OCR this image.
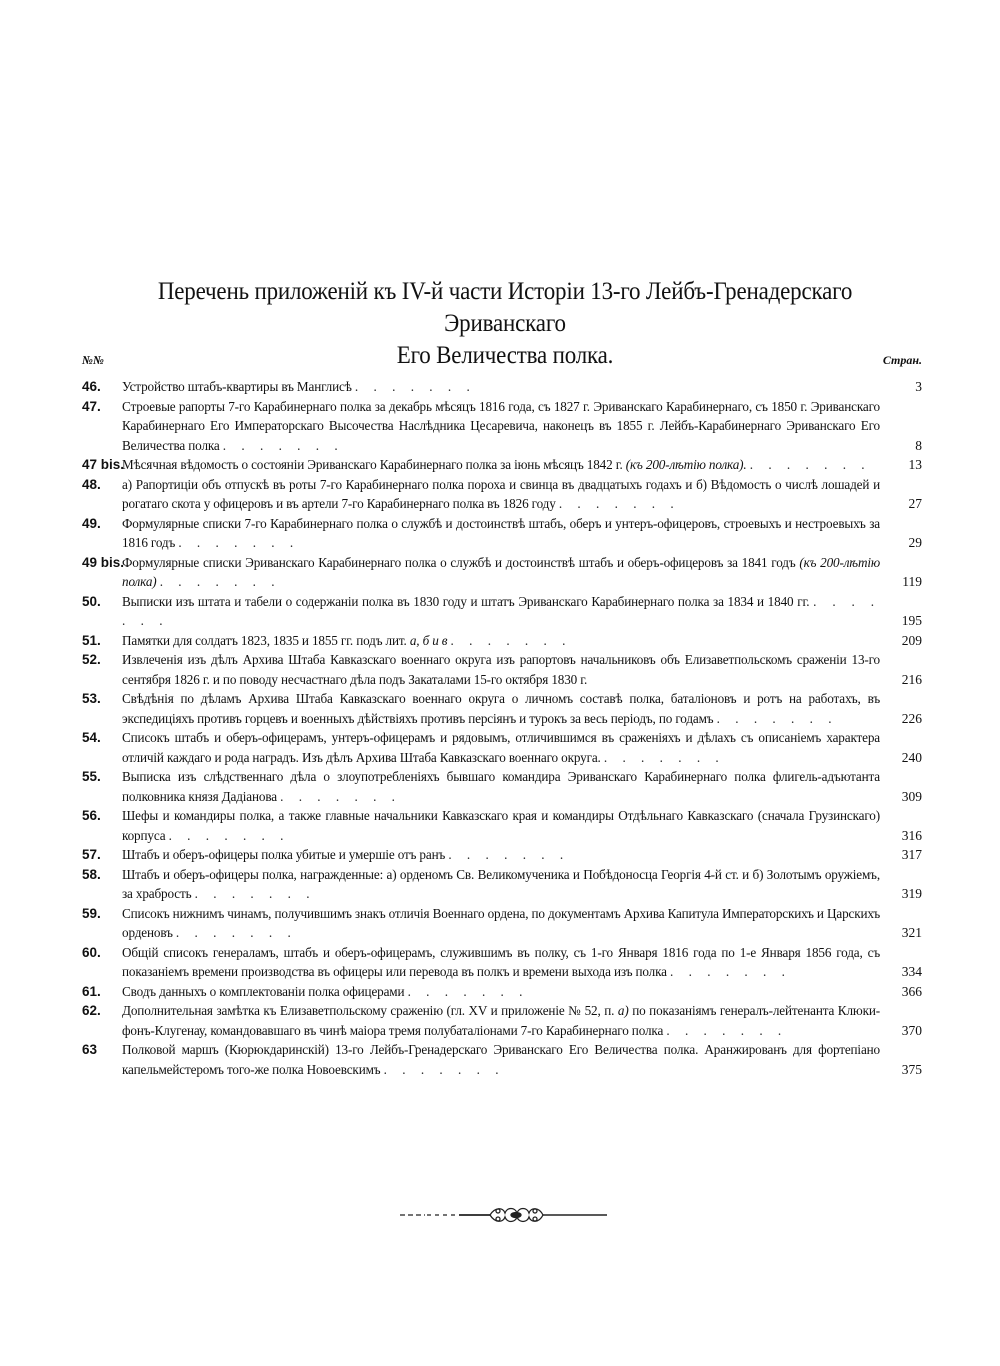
Перечень приложеній къ IV-й части Исторіи 13-го Лейбъ-Гренадерскаго Эриванскаго
Его Величества полка.
№№	Стран.
46. Устройство штабъ-квартиры въ Манглисѣ . . . . . . .	3
47. Строевые рапорты 7-го Карабинернаго полка за декабрь мѣсяцъ 1816 года, съ 1827 г. Эриванскаго Карабинернаго, съ 1850 г. Эриванскаго Карабинернаго Его Императорскаго Высочества Наслѣдника Цесаревича, наконецъ въ 1855 г. Лейбъ-Карабинернаго Эриванскаго Его Величества полка . . . . . . .	8
47 bis.
Мѣсячная вѣдомость о состояніи Эриванскаго Карабинернаго полка за іюнь мѣсяцъ 1842 г. (къ 200-лѣтію полка). . . . . . . .	13
48. а) Рапортиціи объ отпускѣ въ роты 7-го Карабинернаго полка пороха и свинца въ двадцатыхъ годахъ и б) Вѣдомость о числѣ лошадей и рогатаго скота у офицеровъ и въ артели 7-го Карабинернаго полка въ 1826 году . . . . . . .	27
49. Формулярные списки 7-го Карабинернаго полка о службѣ и достоинствѣ штабъ, оберъ и унтеръ-офицеровъ, строевыхъ и нестроевыхъ за 1816 годъ . . . . . . .	29
49 bis.
Формулярные списки Эриванскаго Карабинернаго полка о службѣ и достоинствѣ штабъ и оберъ-офицеровъ за 1841 годъ (къ 200-лѣтію полка) . . . . . . .	119
50. Выписки изъ штата и табели о содержаніи полка въ 1830 году и штатъ Эриванскаго Карабинернаго полка за 1834 и 1840 гг. . . . . . . .	195
51. Памятки для солдатъ 1823, 1835 и 1855 гг. подъ лит. а, б и в . . . . . . .	209
52. Извлеченія изъ дѣлъ Архива Штаба Кавказскаго военнаго округа изъ рапортовъ начальниковъ объ Елизаветпольскомъ сраженіи 13-го сентября 1826 г. и по поводу несчастнаго дѣла подъ Закаталами 15-го октября 1830 г.	216
53. Свѣдѣнія по дѣламъ Архива Штаба Кавказскаго военнаго округа о личномъ составѣ полка, баталіоновъ и ротъ на работахъ, въ экспедиціяхъ противъ горцевъ и военныхъ дѣйствіяхъ противъ персіянъ и турокъ за весь періодъ, по годамъ . . . . . . .	226
54. Списокъ штабъ и оберъ-офицерамъ, унтеръ-офицерамъ и рядовымъ, отличившимся въ сраженіяхъ и дѣлахъ съ описаніемъ характера отличій каждаго и рода наградъ. Изъ дѣлъ Архива Штаба Кавказскаго военнаго округа. . . . . . . .	240
55. Выписка изъ слѣдственнаго дѣла о злоупотребленіяхъ бывшаго командира Эриванскаго Карабинернаго полка флигель-адъютанта полковника князя Дадіанова . . . . . . .	309
56. Шефы и командиры полка, а также главные начальники Кавказскаго края и командиры Отдѣльнаго Кавказскаго (сначала Грузинскаго) корпуса . . . . . . .	316
57. Штабъ и оберъ-офицеры полка убитые и умершіе отъ ранъ . . . . . . .	317
58. Штабъ и оберъ-офицеры полка, награжденные: а) орденомъ Св. Великомученика и Побѣдоносца Георгія 4-й ст. и б) Золотымъ оружіемъ, за храбрость . . . . . . .	319
59. Списокъ нижнимъ чинамъ, получившимъ знакъ отличія Военнаго ордена, по документамъ Архива Капитула Императорскихъ и Царскихъ орденовъ . . . . . . .	321
60. Общій списокъ генераламъ, штабъ и оберъ-офицерамъ, служившимъ въ полку, съ 1-го Января 1816 года по 1-е Января 1856 года, съ показаніемъ времени производства въ офицеры или перевода въ полкъ и времени выхода изъ полка . . . . . . .	334
61. Сводъ данныхъ о комплектованіи полка офицерами . . . . . . .	366
62. Дополнительная замѣтка къ Елизаветпольскому сраженію (гл. XV и приложеніе № 52, п. а) по показаніямъ генералъ-лейтенанта Клюки-фонъ-Клугенау, командовавшаго въ чинѣ маіора тремя полубаталіонами 7-го Карабинернаго полка . . . . . . .	370
63 Полковой маршъ (Кюрюкдаринскій) 13-го Лейбъ-Гренадерскаго Эриванскаго Его Величества полка. Аранжированъ для фортепіано капельмейстеромъ того-же полка Новоевскимъ . . . . . . .	375
